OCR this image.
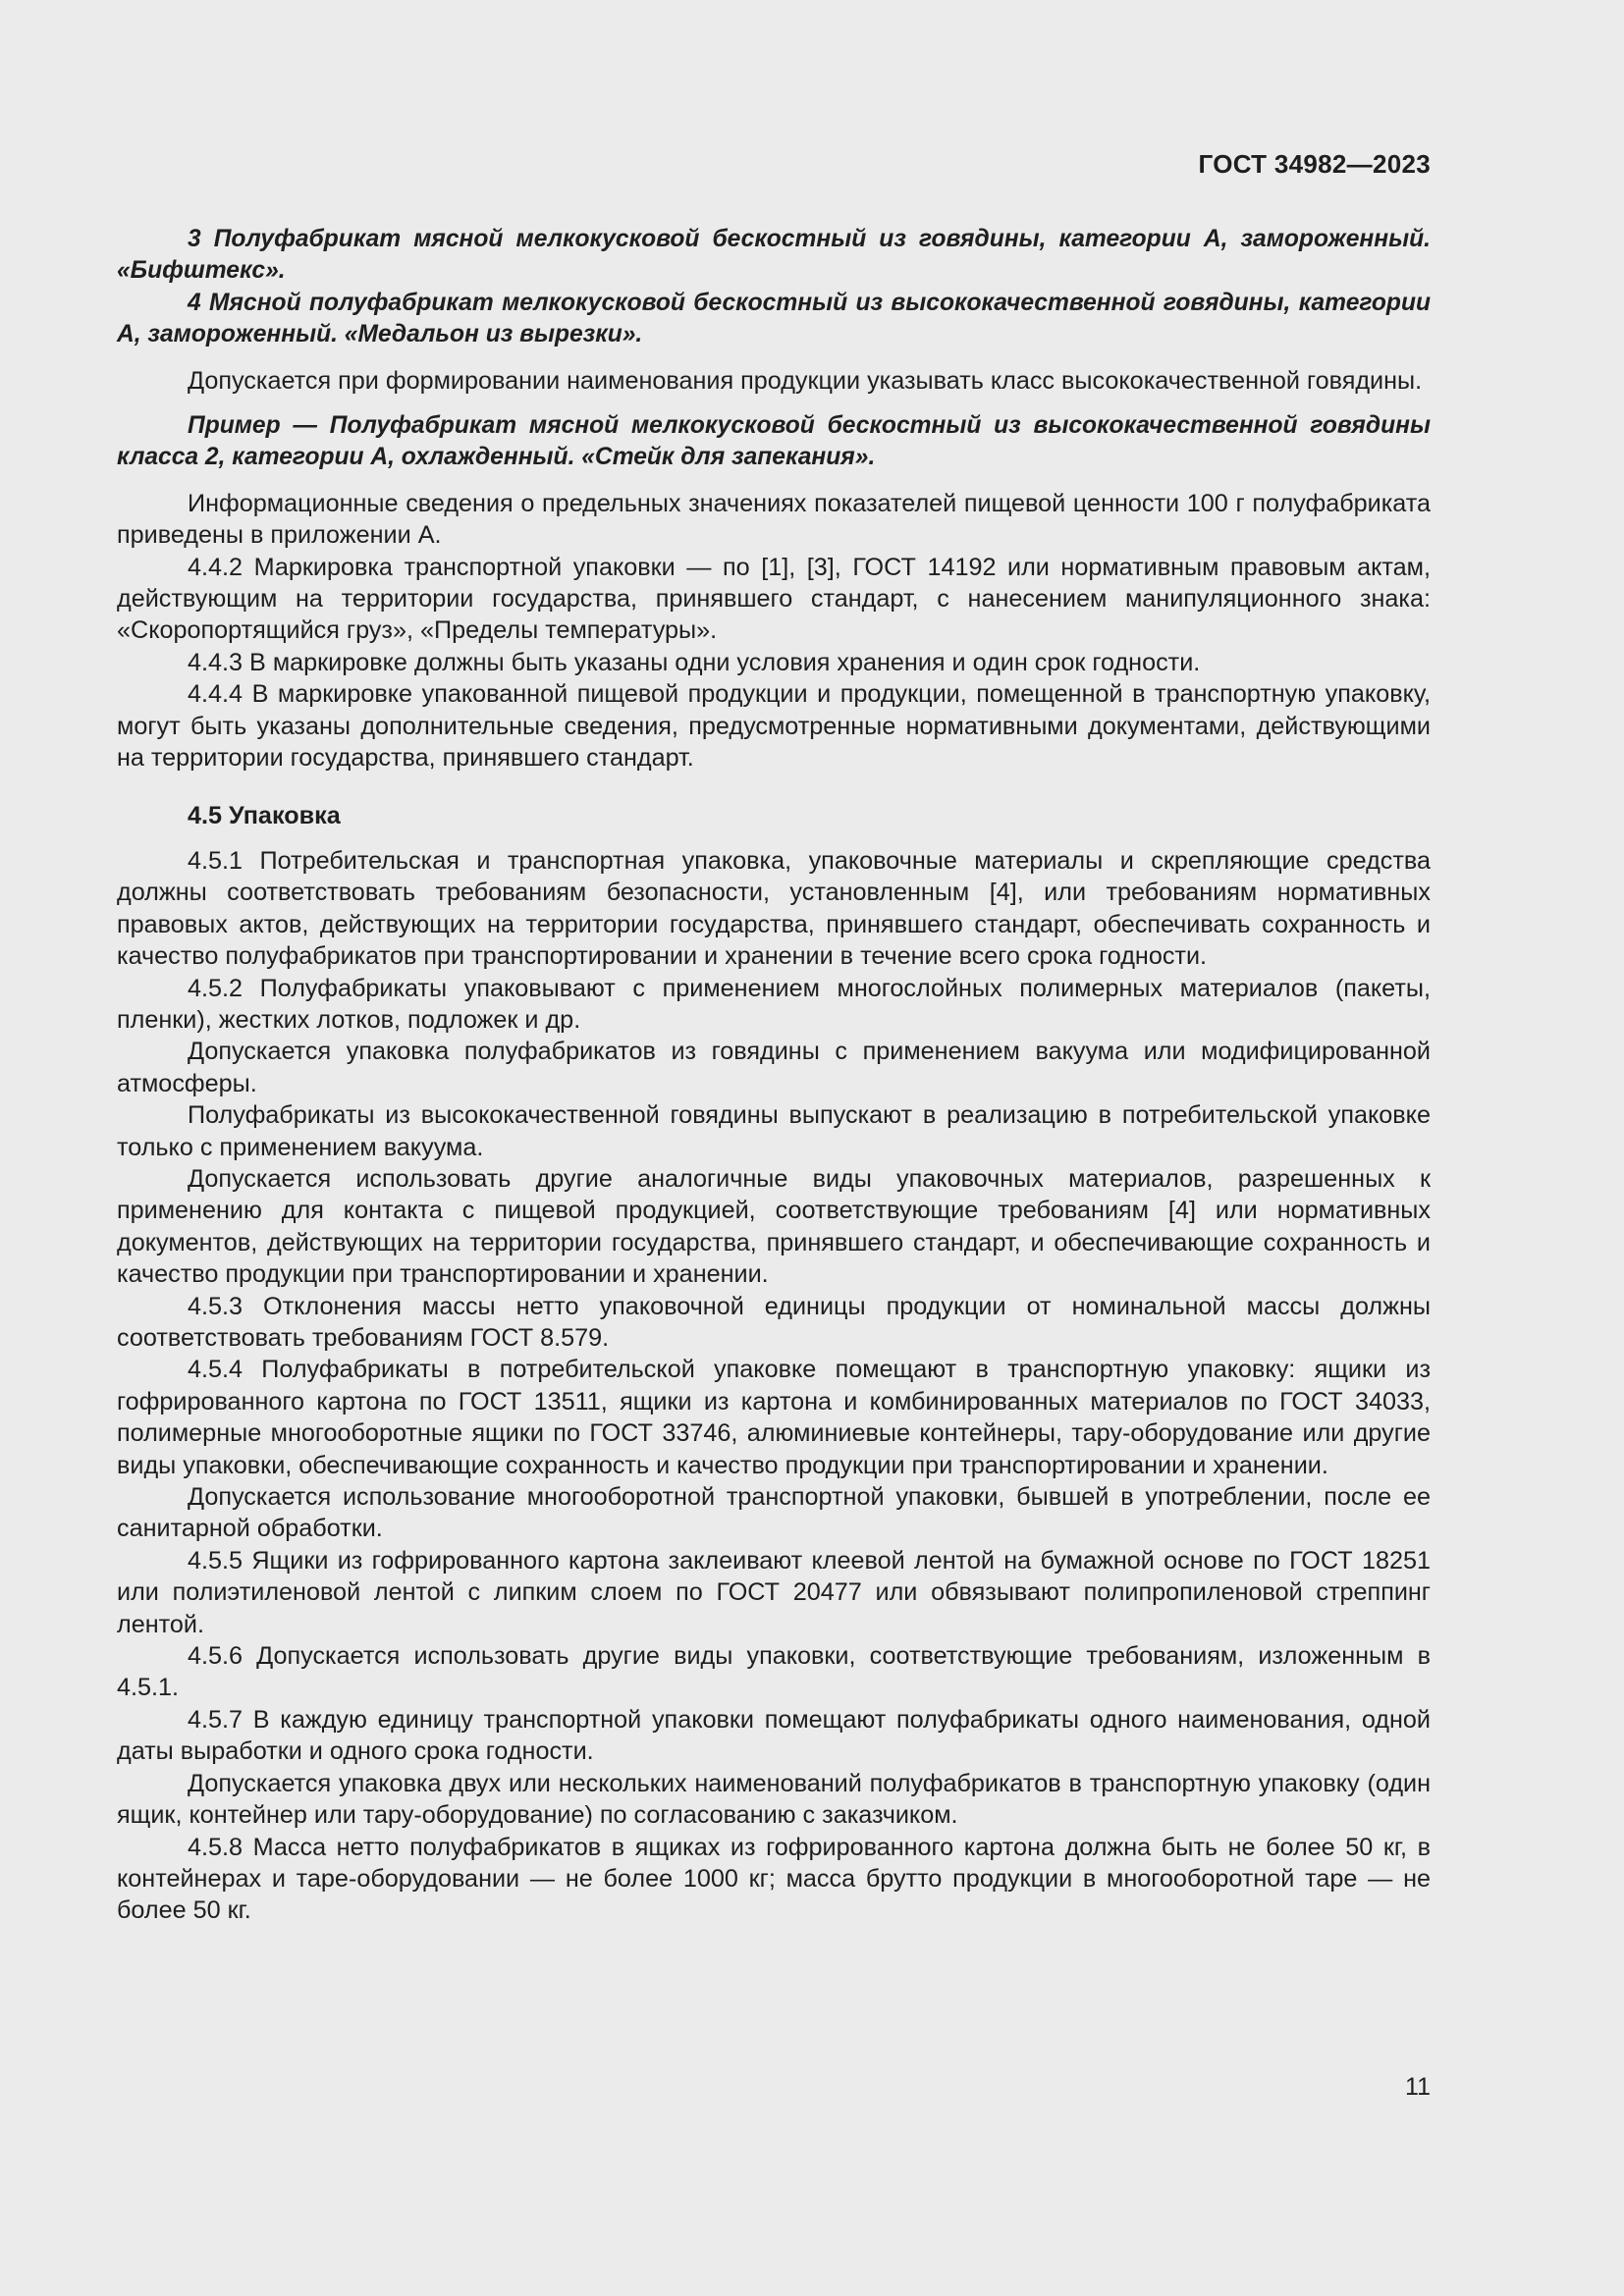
ГОСТ 34982—2023

3 Полуфабрикат мясной мелкокусковой бескостный из говядины, категории А, замороженный. «Бифштекс».

4 Мясной полуфабрикат мелкокусковой бескостный из высококачественной говядины, категории А, замороженный. «Медальон из вырезки».

Допускается при формировании наименования продукции указывать класс высококачественной говядины.

Пример — Полуфабрикат мясной мелкокусковой бескостный из высококачественной говядины класса 2, категории А, охлажденный. «Стейк для запекания».

Информационные сведения о предельных значениях показателей пищевой ценности 100 г полуфабриката приведены в приложении А.

4.4.2 Маркировка транспортной упаковки — по [1], [3], ГОСТ 14192 или нормативным правовым актам, действующим на территории государства, принявшего стандарт, с нанесением манипуляционного знака: «Скоропортящийся груз», «Пределы температуры».

4.4.3 В маркировке должны быть указаны одни условия хранения и один срок годности.

4.4.4 В маркировке упакованной пищевой продукции и продукции, помещенной в транспортную упаковку, могут быть указаны дополнительные сведения, предусмотренные нормативными документами, действующими на территории государства, принявшего стандарт.

4.5 Упаковка

4.5.1 Потребительская и транспортная упаковка, упаковочные материалы и скрепляющие средства должны соответствовать требованиям безопасности, установленным [4], или требованиям нормативных правовых актов, действующих на территории государства, принявшего стандарт, обеспечивать сохранность и качество полуфабрикатов при транспортировании и хранении в течение всего срока годности.

4.5.2 Полуфабрикаты упаковывают с применением многослойных полимерных материалов (пакеты, пленки), жестких лотков, подложек и др.

Допускается упаковка полуфабрикатов из говядины с применением вакуума или модифицированной атмосферы.

Полуфабрикаты из высококачественной говядины выпускают в реализацию в потребительской упаковке только с применением вакуума.

Допускается использовать другие аналогичные виды упаковочных материалов, разрешенных к применению для контакта с пищевой продукцией, соответствующие требованиям [4] или нормативных документов, действующих на территории государства, принявшего стандарт, и обеспечивающие сохранность и качество продукции при транспортировании и хранении.

4.5.3 Отклонения массы нетто упаковочной единицы продукции от номинальной массы должны соответствовать требованиям ГОСТ 8.579.

4.5.4 Полуфабрикаты в потребительской упаковке помещают в транспортную упаковку: ящики из гофрированного картона по ГОСТ 13511, ящики из картона и комбинированных материалов по ГОСТ 34033, полимерные многооборотные ящики по ГОСТ 33746, алюминиевые контейнеры, тару-оборудование или другие виды упаковки, обеспечивающие сохранность и качество продукции при транспортировании и хранении.

Допускается использование многооборотной транспортной упаковки, бывшей в употреблении, после ее санитарной обработки.

4.5.5 Ящики из гофрированного картона заклеивают клеевой лентой на бумажной основе по ГОСТ 18251 или полиэтиленовой лентой с липким слоем по ГОСТ 20477 или обвязывают полипропиленовой стреппинг лентой.

4.5.6 Допускается использовать другие виды упаковки, соответствующие требованиям, изложенным в 4.5.1.

4.5.7 В каждую единицу транспортной упаковки помещают полуфабрикаты одного наименования, одной даты выработки и одного срока годности.

Допускается упаковка двух или нескольких наименований полуфабрикатов в транспортную упаковку (один ящик, контейнер или тару-оборудование) по согласованию с заказчиком.

4.5.8 Масса нетто полуфабрикатов в ящиках из гофрированного картона должна быть не более 50 кг, в контейнерах и таре-оборудовании — не более 1000 кг; масса брутто продукции в многооборотной таре — не более 50 кг.

11
